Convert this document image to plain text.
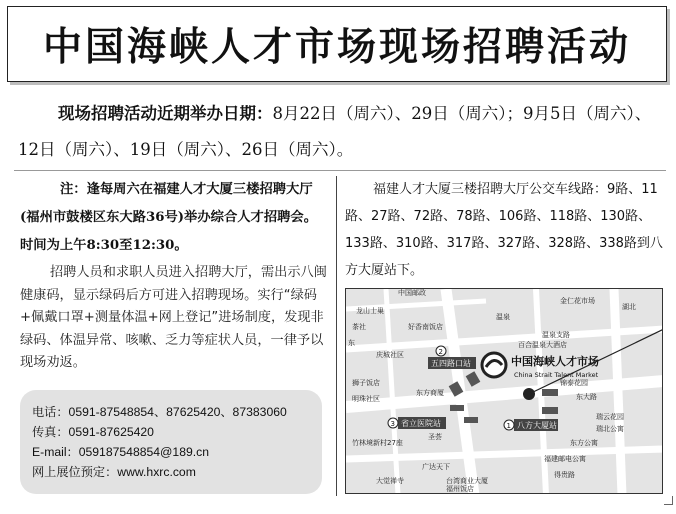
中国海峡人才市场现场招聘活动
现场招聘活动近期举办日期：8月22日（周六）、29日（周六）；9月5日（周六）、12日（周六）、19日（周六）、26日（周六）。
注：逢每周六在福建人才大厦三楼招聘大厅(福州市鼓楼区东大路36号)举办综合人才招聘会。时间为上午8:30至12:30。
招聘人员和求职人员进入招聘大厅，需出示八闽健康码，显示绿码后方可进入招聘现场。实行“绿码+佩戴口罩+测量体温+网上登记”进场制度，发现非绿码、体温异常、咳嗽、乏力等症状人员，一律予以现场劝返。
电话：0591-87548854、87625420、87383060
传真：0591-87625420
E-mail：059187548854@189.cn
网上展位预定：www.hxrc.com
福建人才大厦三楼招聘大厅公交车线路：9路、11路、27路、72路、78路、106路、118路、130路、133路、310路、317路、327路、328路、338路到八方大厦站下。
中国海峡人才市场
China Strait Talent Market
五四路口站
2
省立医院站
3	八方大厦站
1
中国邮政
龙山士巢
金仁花市场
茶社	好香南饭店
温泉支路
百合温泉大酒店
庆城社区
东
狮子饭店
东方商厦
明珠社区	东大路
锦泰花园
圣荟
竹林境新村27座
瑞云花园
瑞北公寓
东方公寓
福建邮电公寓
广达天下
得贵路
大觉禅寺	台湾商业大厦
福州饭店
湖北
温泉
